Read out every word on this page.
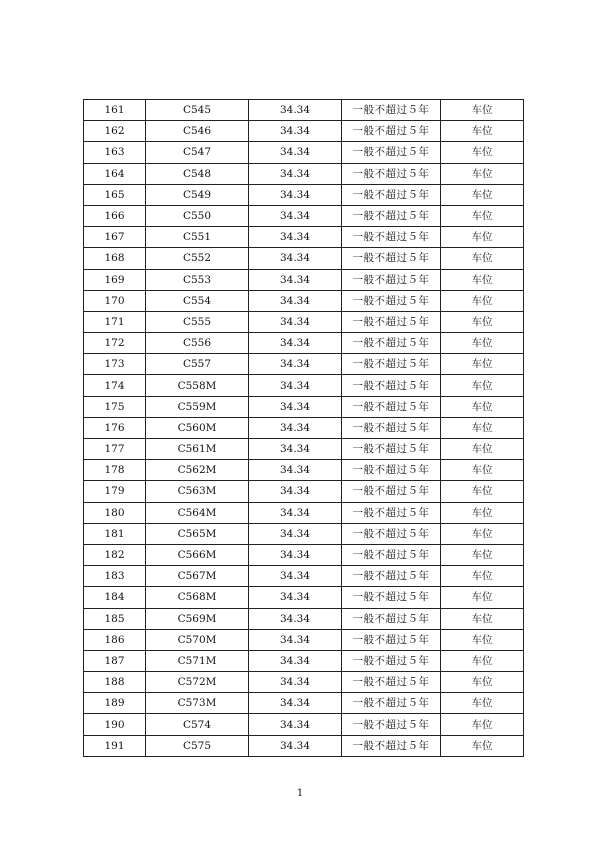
161	C545	34.34	一般不超过５年	车位
162	C546	34.34	一般不超过５年	车位
163	C547	34.34	一般不超过５年	车位
164	C548	34.34	一般不超过５年	车位
165	C549	34.34	一般不超过５年	车位
166	C550	34.34	一般不超过５年	车位
167	C551	34.34	一般不超过５年	车位
168	C552	34.34	一般不超过５年	车位
169	C553	34.34	一般不超过５年	车位
170	C554	34.34	一般不超过５年	车位
171	C555	34.34	一般不超过５年	车位
172	C556	34.34	一般不超过５年	车位
173	C557	34.34	一般不超过５年	车位
174	C558M	34.34	一般不超过５年	车位
175	C559M	34.34	一般不超过５年	车位
176	C560M	34.34	一般不超过５年	车位
177	C561M	34.34	一般不超过５年	车位
178	C562M	34.34	一般不超过５年	车位
179	C563M	34.34	一般不超过５年	车位
180	C564M	34.34	一般不超过５年	车位
181	C565M	34.34	一般不超过５年	车位
182	C566M	34.34	一般不超过５年	车位
183	C567M	34.34	一般不超过５年	车位
184	C568M	34.34	一般不超过５年	车位
185	C569M	34.34	一般不超过５年	车位
186	C570M	34.34	一般不超过５年	车位
187	C571M	34.34	一般不超过５年	车位
188	C572M	34.34	一般不超过５年	车位
189	C573M	34.34	一般不超过５年	车位
190	C574	34.34	一般不超过５年	车位
191	C575	34.34	一般不超过５年	车位
1
